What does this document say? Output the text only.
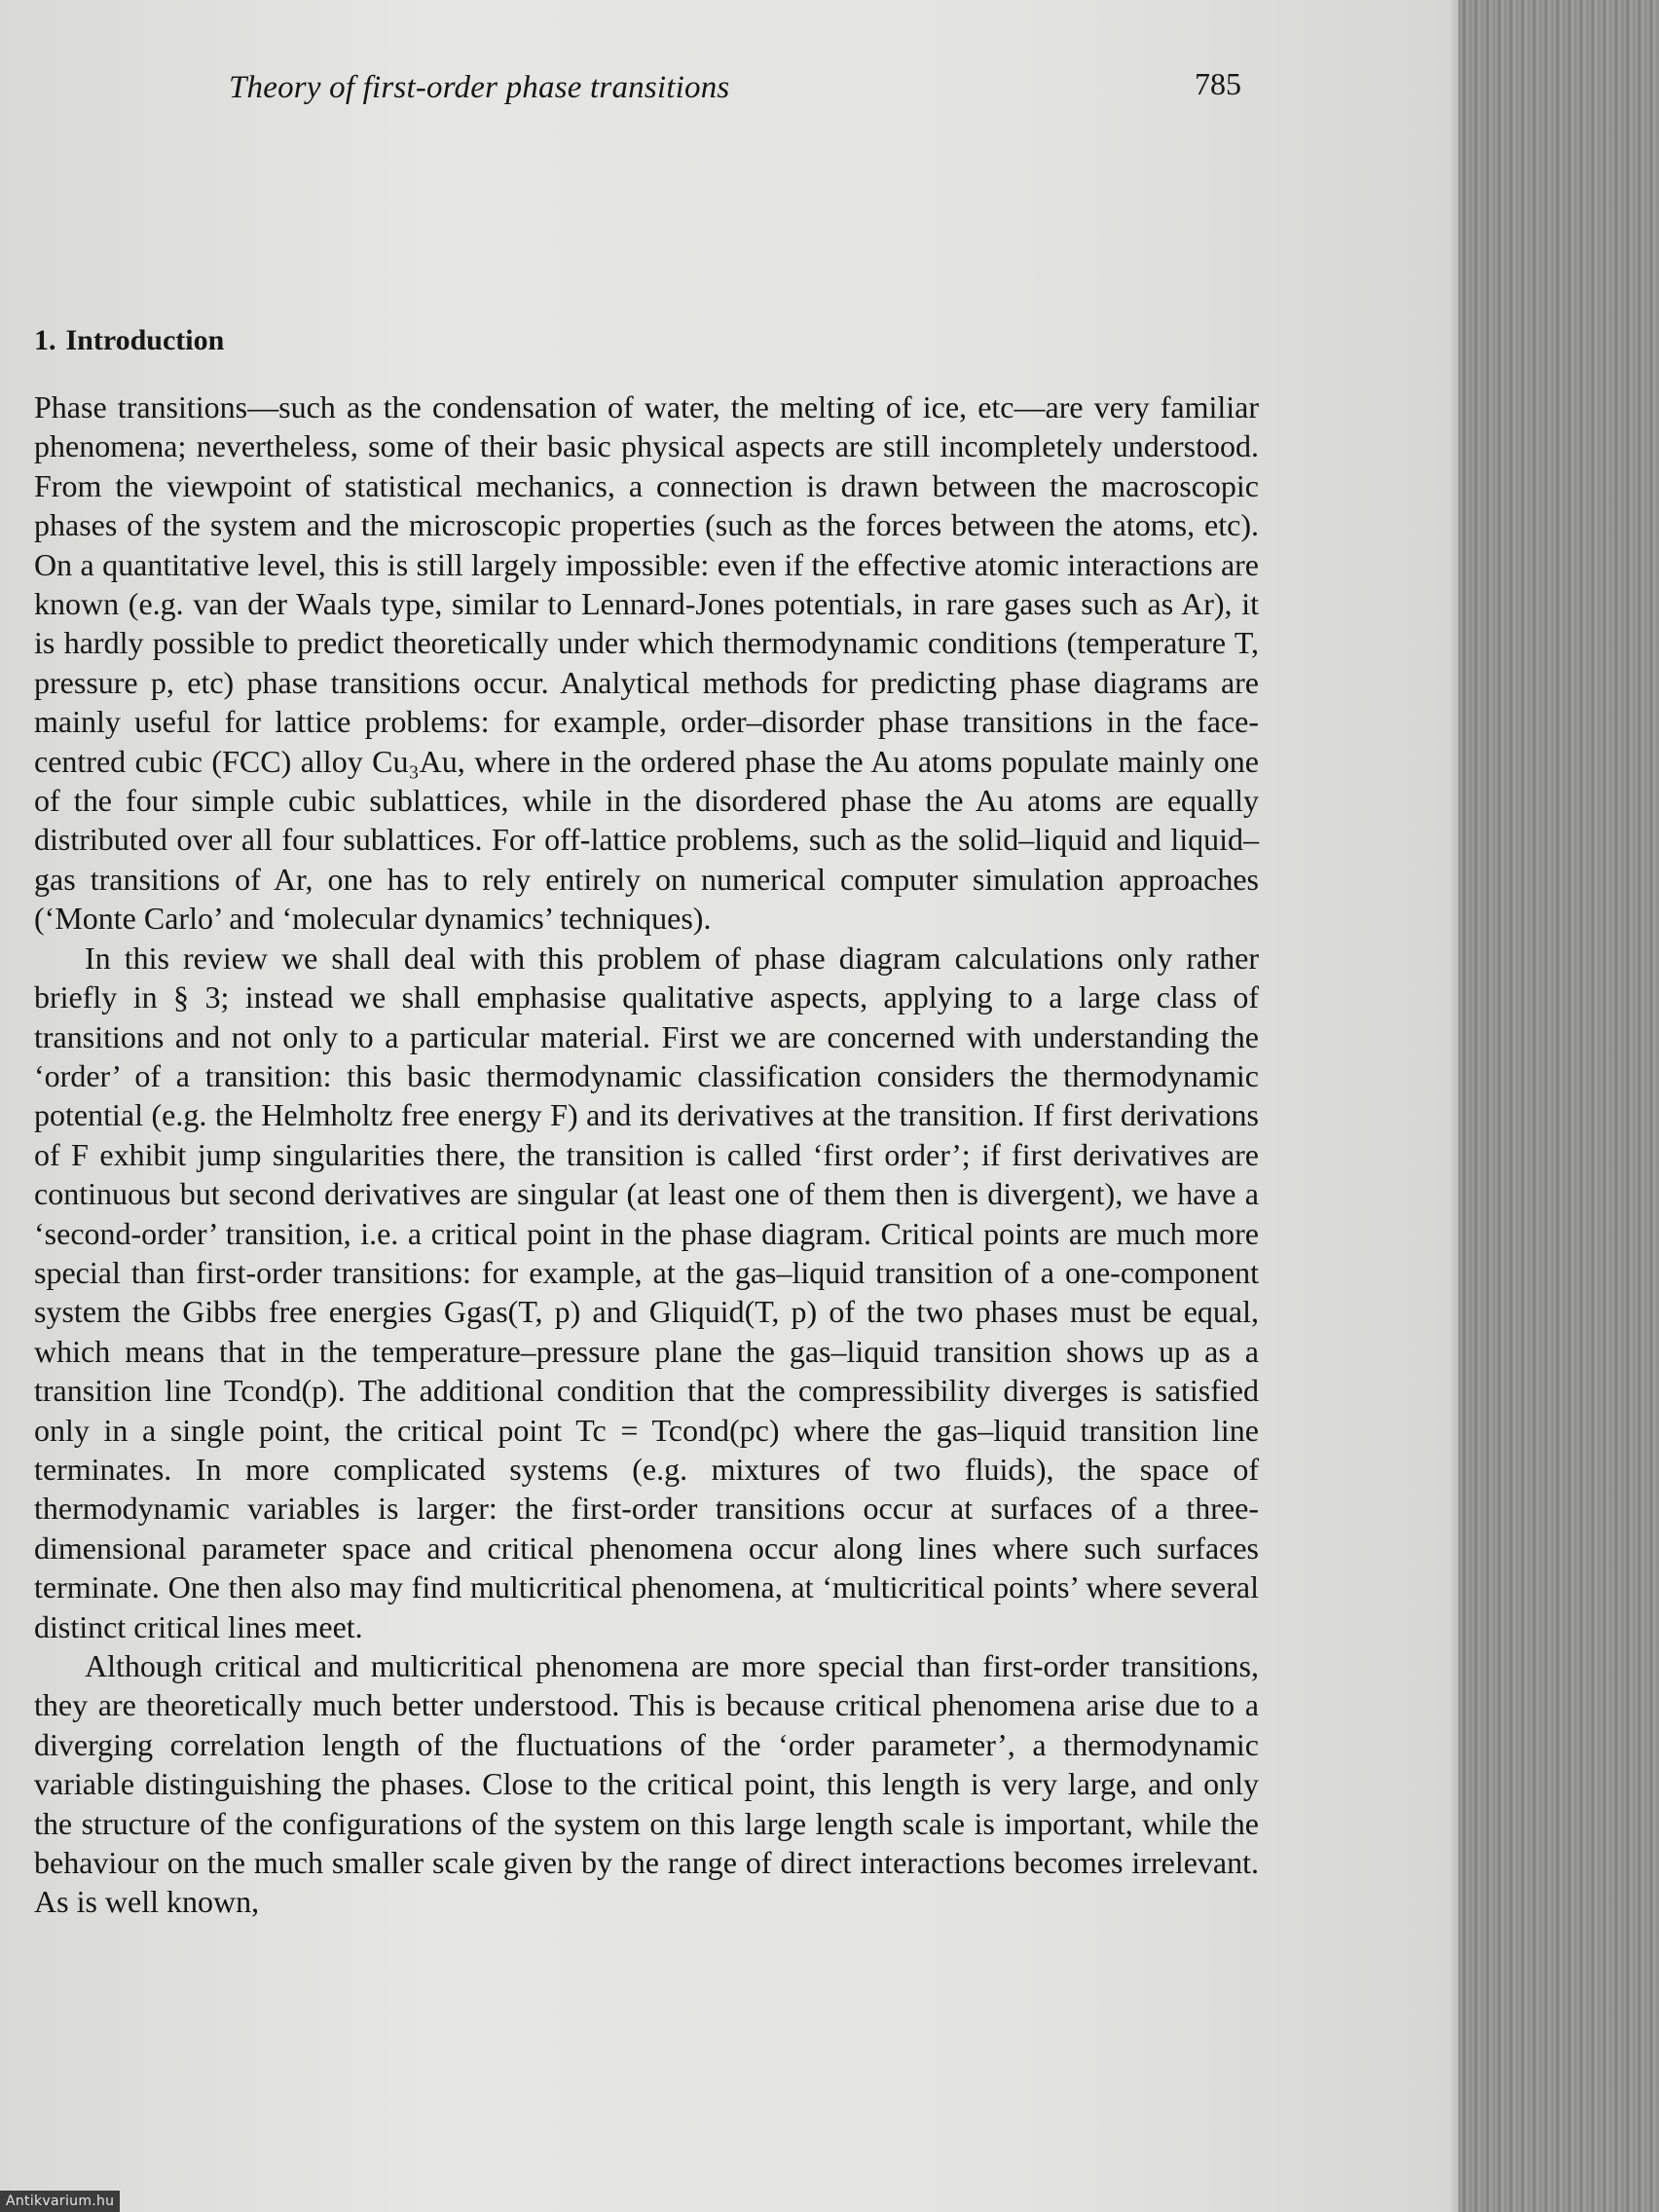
Theory of first-order phase transitions	785
1. Introduction

Phase transitions—such as the condensation of water, the melting of ice, etc—are very familiar phenomena; nevertheless, some of their basic physical aspects are still incompletely understood. From the viewpoint of statistical mechanics, a connection is drawn between the macroscopic phases of the system and the microscopic properties (such as the forces between the atoms, etc). On a quantitative level, this is still largely impossible: even if the effective atomic interactions are known (e.g. van der Waals type, similar to Lennard-Jones potentials, in rare gases such as Ar), it is hardly possible to predict theoretically under which thermodynamic conditions (temperature T, pressure p, etc) phase transitions occur. Analytical methods for predicting phase diagrams are mainly useful for lattice problems: for example, order–disorder phase transitions in the face-centred cubic (FCC) alloy Cu₃Au, where in the ordered phase the Au atoms populate mainly one of the four simple cubic sublattices, while in the disordered phase the Au atoms are equally distributed over all four sublattices. For off-lattice problems, such as the solid–liquid and liquid–gas transitions of Ar, one has to rely entirely on numerical computer simulation approaches (‘Monte Carlo’ and ‘molecular dynamics’ techniques).

In this review we shall deal with this problem of phase diagram calculations only rather briefly in § 3; instead we shall emphasise qualitative aspects, applying to a large class of transitions and not only to a particular material. First we are concerned with understanding the ‘order’ of a transition: this basic thermodynamic classification considers the thermodynamic potential (e.g. the Helmholtz free energy F) and its derivatives at the transition. If first derivations of F exhibit jump singularities there, the transition is called ‘first order’; if first derivatives are continuous but second derivatives are singular (at least one of them then is divergent), we have a ‘second-order’ transition, i.e. a critical point in the phase diagram. Critical points are much more special than first-order transitions: for example, at the gas–liquid transition of a one-component system the Gibbs free energies Ggas(T, p) and Gliquid(T, p) of the two phases must be equal, which means that in the temperature–pressure plane the gas–liquid transition shows up as a transition line Tcond(p). The additional condition that the compressibility diverges is satisfied only in a single point, the critical point Tc = Tcond(pc) where the gas–liquid transition line terminates. In more complicated systems (e.g. mixtures of two fluids), the space of thermodynamic variables is larger: the first-order transitions occur at surfaces of a three-dimensional parameter space and critical phenomena occur along lines where such surfaces terminate. One then also may find multicritical phenomena, at ‘multicritical points’ where several distinct critical lines meet.

Although critical and multicritical phenomena are more special than first-order transitions, they are theoretically much better understood. This is because critical phenomena arise due to a diverging correlation length of the fluctuations of the ‘order parameter’, a thermodynamic variable distinguishing the phases. Close to the critical point, this length is very large, and only the structure of the configurations of the system on this large length scale is important, while the behaviour on the much smaller scale given by the range of direct interactions becomes irrelevant. As is well known,

Antikvarium.hu
